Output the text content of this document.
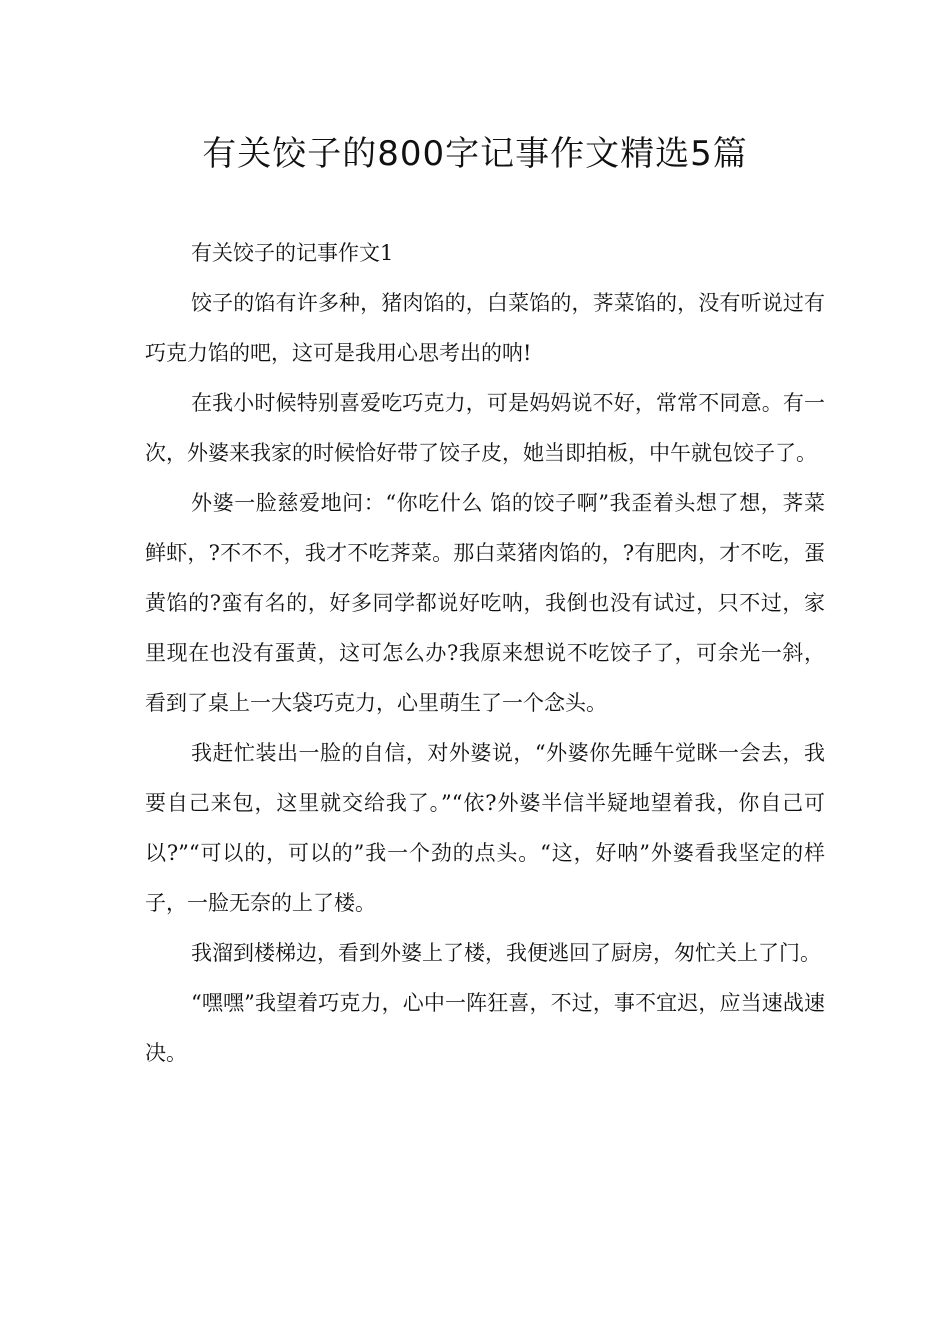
有关饺子的800字记事作文精选5篇

有关饺子的记事作文1

饺子的馅有许多种，猪肉馅的，白菜馅的，荠菜馅的，没有听说过有巧克力馅的吧，这可是我用心思考出的呐!

在我小时候特别喜爱吃巧克力，可是妈妈说不好，常常不同意。有一次，外婆来我家的时候恰好带了饺子皮，她当即拍板，中午就包饺子了。

外婆一脸慈爱地问：“你吃什么 馅的饺子啊”我歪着头想了想，荠菜鲜虾，?不不不，我才不吃荠菜。那白菜猪肉馅的，?有肥肉，才不吃，蛋黄馅的?蛮有名的，好多同学都说好吃呐，我倒也没有试过，只不过，家里现在也没有蛋黄，这可怎么办?我原来想说不吃饺子了，可余光一斜，看到了桌上一大袋巧克力，心里萌生了一个念头。

我赶忙装出一脸的自信，对外婆说，“外婆你先睡午觉眯一会去，我要自己来包，这里就交给我了。”“依?外婆半信半疑地望着我，你自己可以?”“可以的，可以的”我一个劲的点头。“这，好呐”外婆看我坚定的样子，一脸无奈的上了楼。

我溜到楼梯边，看到外婆上了楼，我便逃回了厨房，匆忙关上了门。

“嘿嘿”我望着巧克力，心中一阵狂喜，不过，事不宜迟，应当速战速决。
